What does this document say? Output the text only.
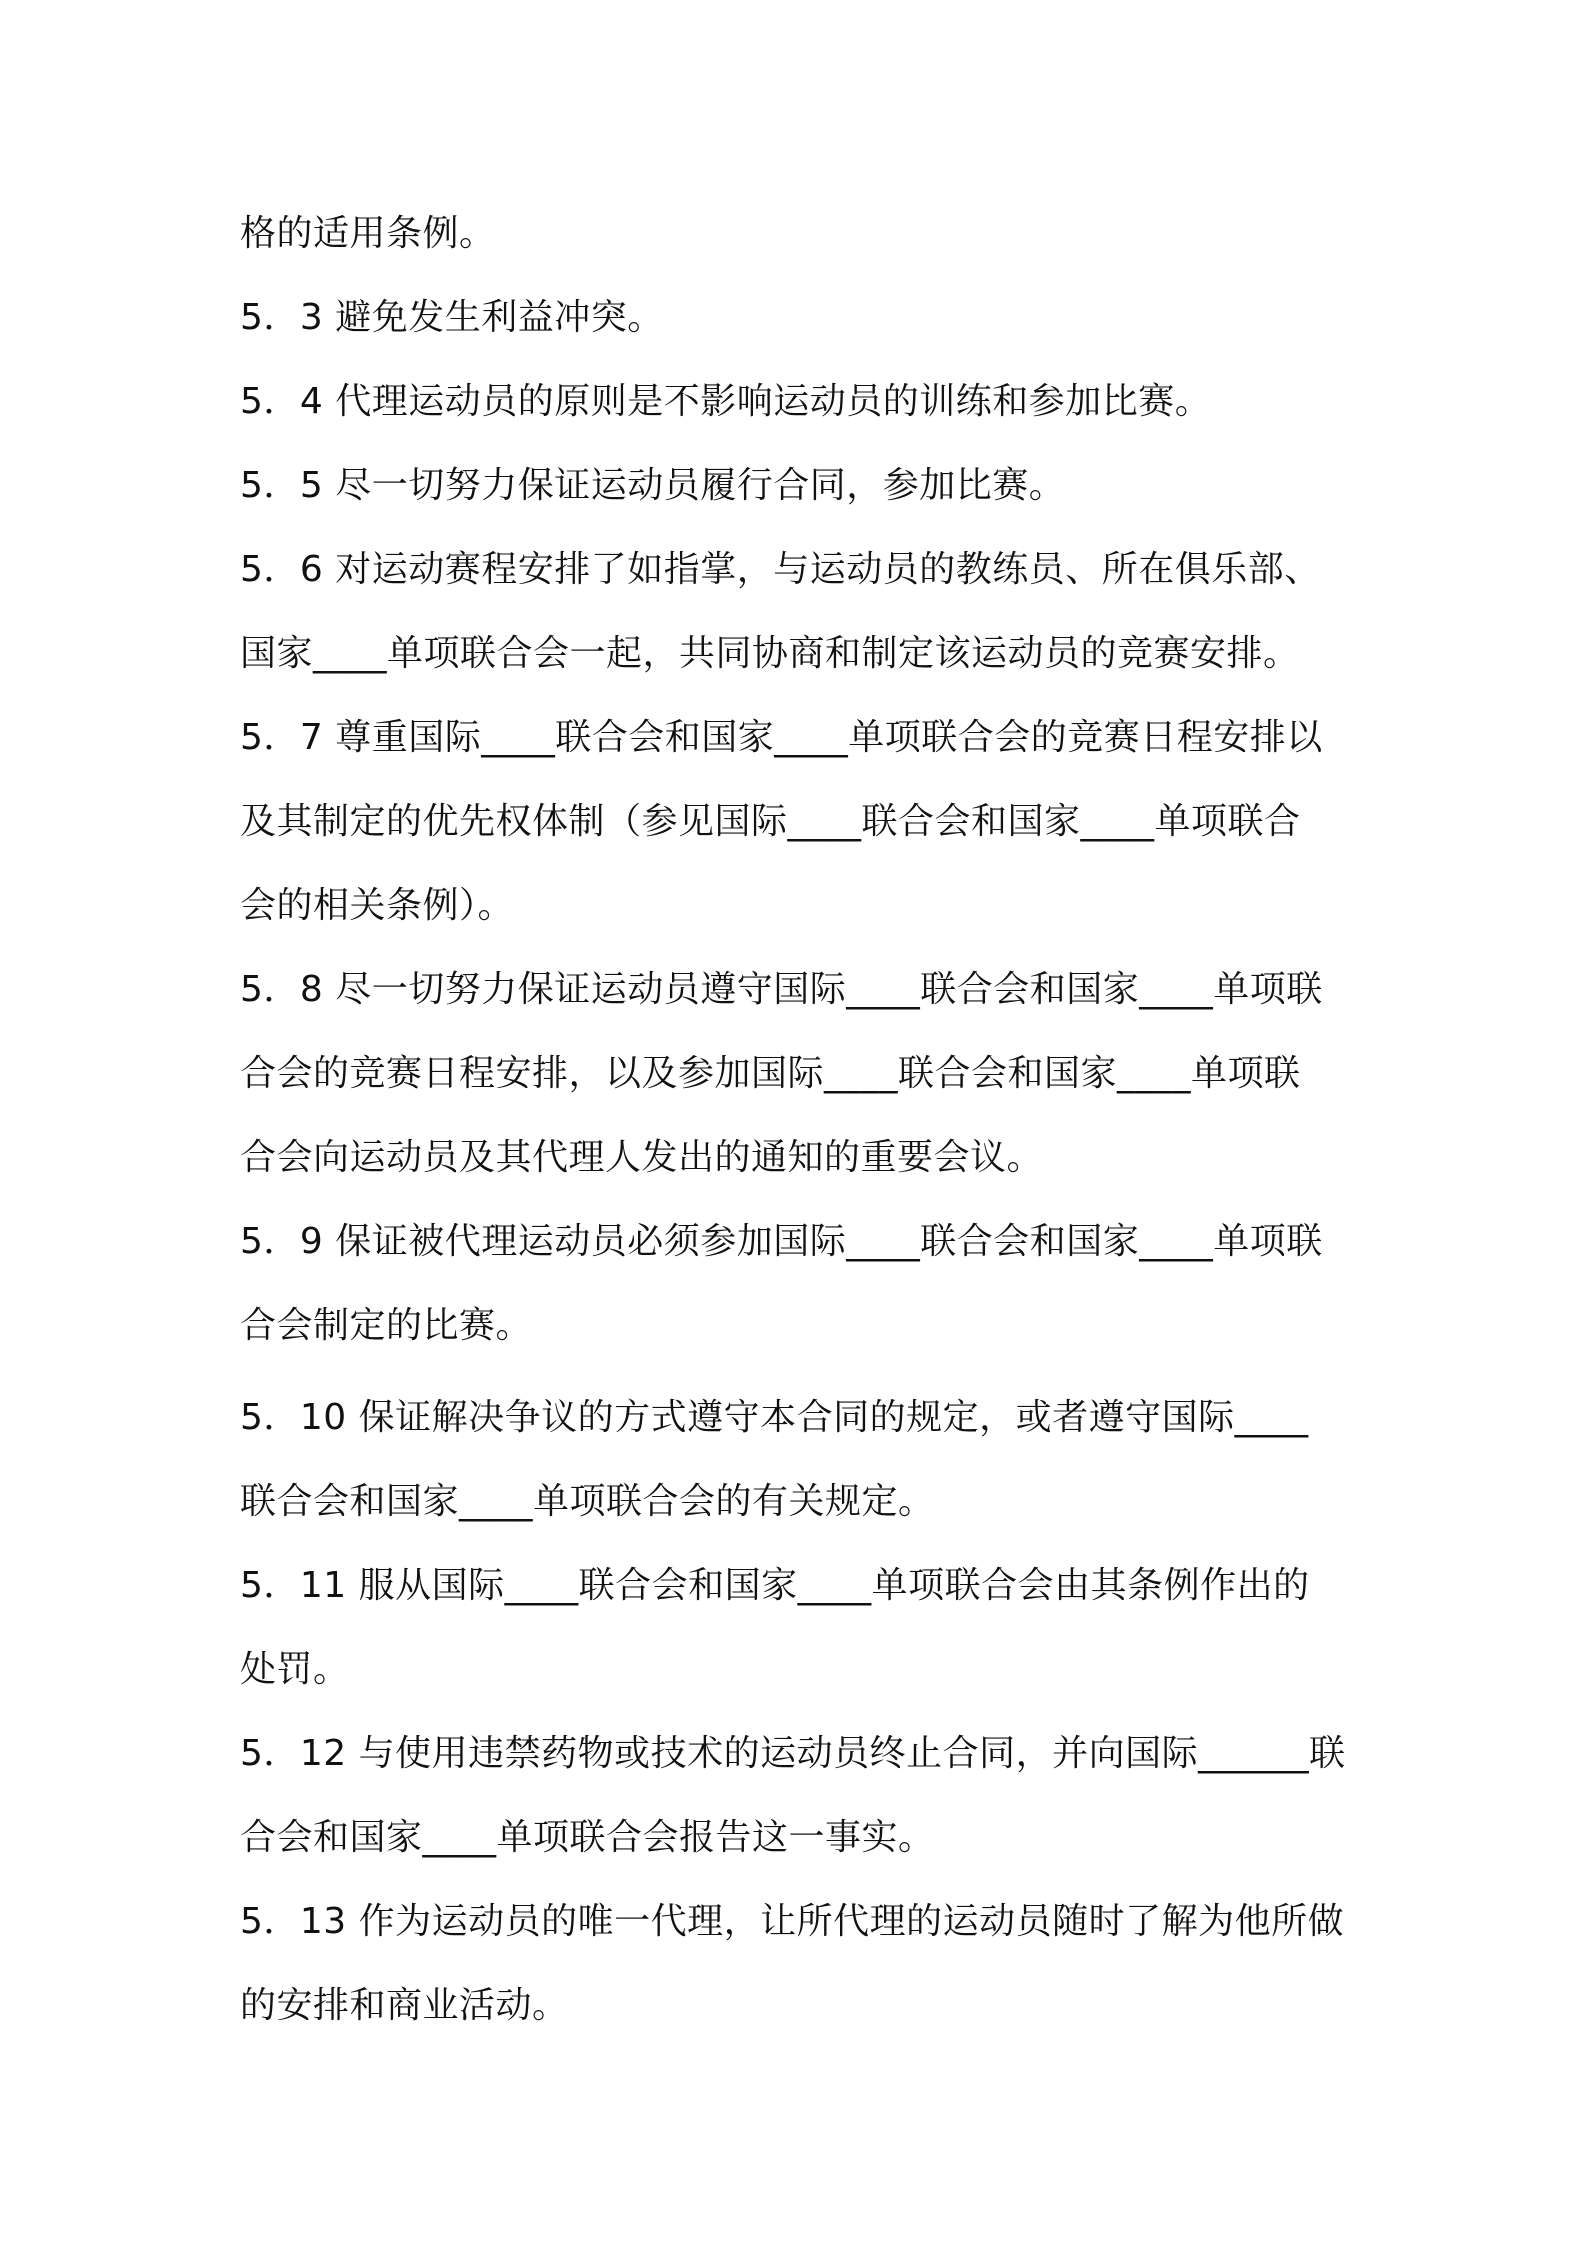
格的适用条例。
5．3 避免发生利益冲突。
5．4 代理运动员的原则是不影响运动员的训练和参加比赛。
5．5 尽一切努力保证运动员履行合同，参加比赛。
5．6 对运动赛程安排了如指掌，与运动员的教练员、所在俱乐部、
国家____单项联合会一起，共同协商和制定该运动员的竞赛安排。
5．7 尊重国际____联合会和国家____单项联合会的竞赛日程安排以
及其制定的优先权体制（参见国际____联合会和国家____单项联合
会的相关条例）。
5．8 尽一切努力保证运动员遵守国际____联合会和国家____单项联
合会的竞赛日程安排，以及参加国际____联合会和国家____单项联
合会向运动员及其代理人发出的通知的重要会议。
5．9 保证被代理运动员必须参加国际____联合会和国家____单项联
合会制定的比赛。
5．10 保证解决争议的方式遵守本合同的规定，或者遵守国际____
联合会和国家____单项联合会的有关规定。
5．11 服从国际____联合会和国家____单项联合会由其条例作出的
处罚。
5．12 与使用违禁药物或技术的运动员终止合同，并向国际______联
合会和国家____单项联合会报告这一事实。
5．13 作为运动员的唯一代理，让所代理的运动员随时了解为他所做
的安排和商业活动。
